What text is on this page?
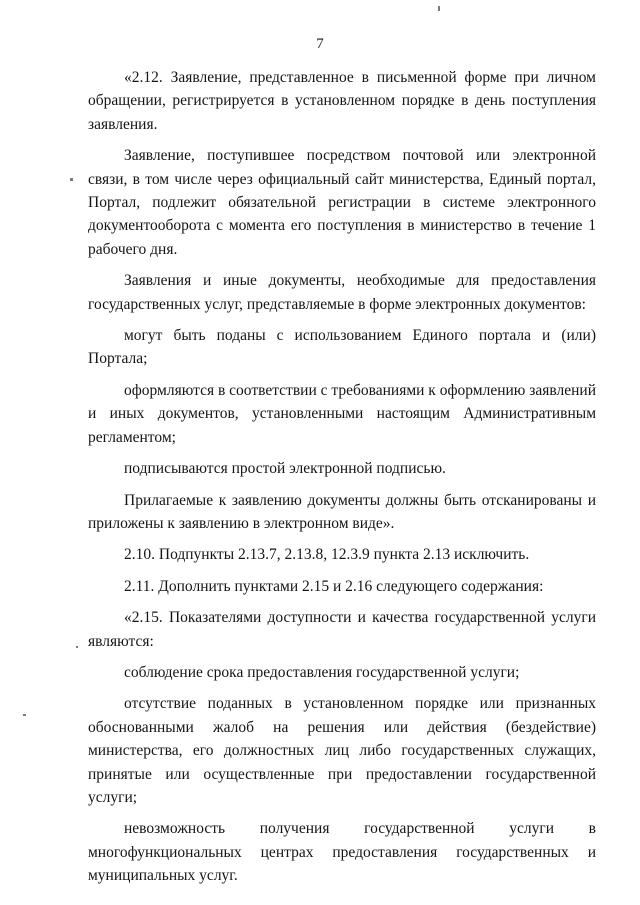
7

«2.12. Заявление, представленное в письменной форме при личном обращении, регистрируется в установленном порядке в день поступления заявления.

Заявление, поступившее посредством почтовой или электронной связи, в том числе через официальный сайт министерства, Единый портал, Портал, подлежит обязательной регистрации в системе электронного документооборота с момента его поступления в министерство в течение 1 рабочего дня.

Заявления и иные документы, необходимые для предоставления государственных услуг, представляемые в форме электронных документов:

могут быть поданы с использованием Единого портала и (или) Портала;

оформляются в соответствии с требованиями к оформлению заявлений и иных документов, установленными настоящим Административным регламентом;

подписываются простой электронной подписью.

Прилагаемые к заявлению документы должны быть отсканированы и приложены к заявлению в электронном виде».

2.10. Подпункты 2.13.7, 2.13.8, 12.3.9 пункта 2.13 исключить.

2.11. Дополнить пунктами 2.15 и 2.16 следующего содержания:

«2.15. Показателями доступности и качества государственной услуги являются:

соблюдение срока предоставления государственной услуги;

отсутствие поданных в установленном порядке или признанных обоснованными жалоб на решения или действия (бездействие) министерства, его должностных лиц либо государственных служащих, принятые или осуществленные при предоставлении государственной услуги;

невозможность получения государственной услуги в многофункциональных центрах предоставления государственных и муниципальных услуг.
